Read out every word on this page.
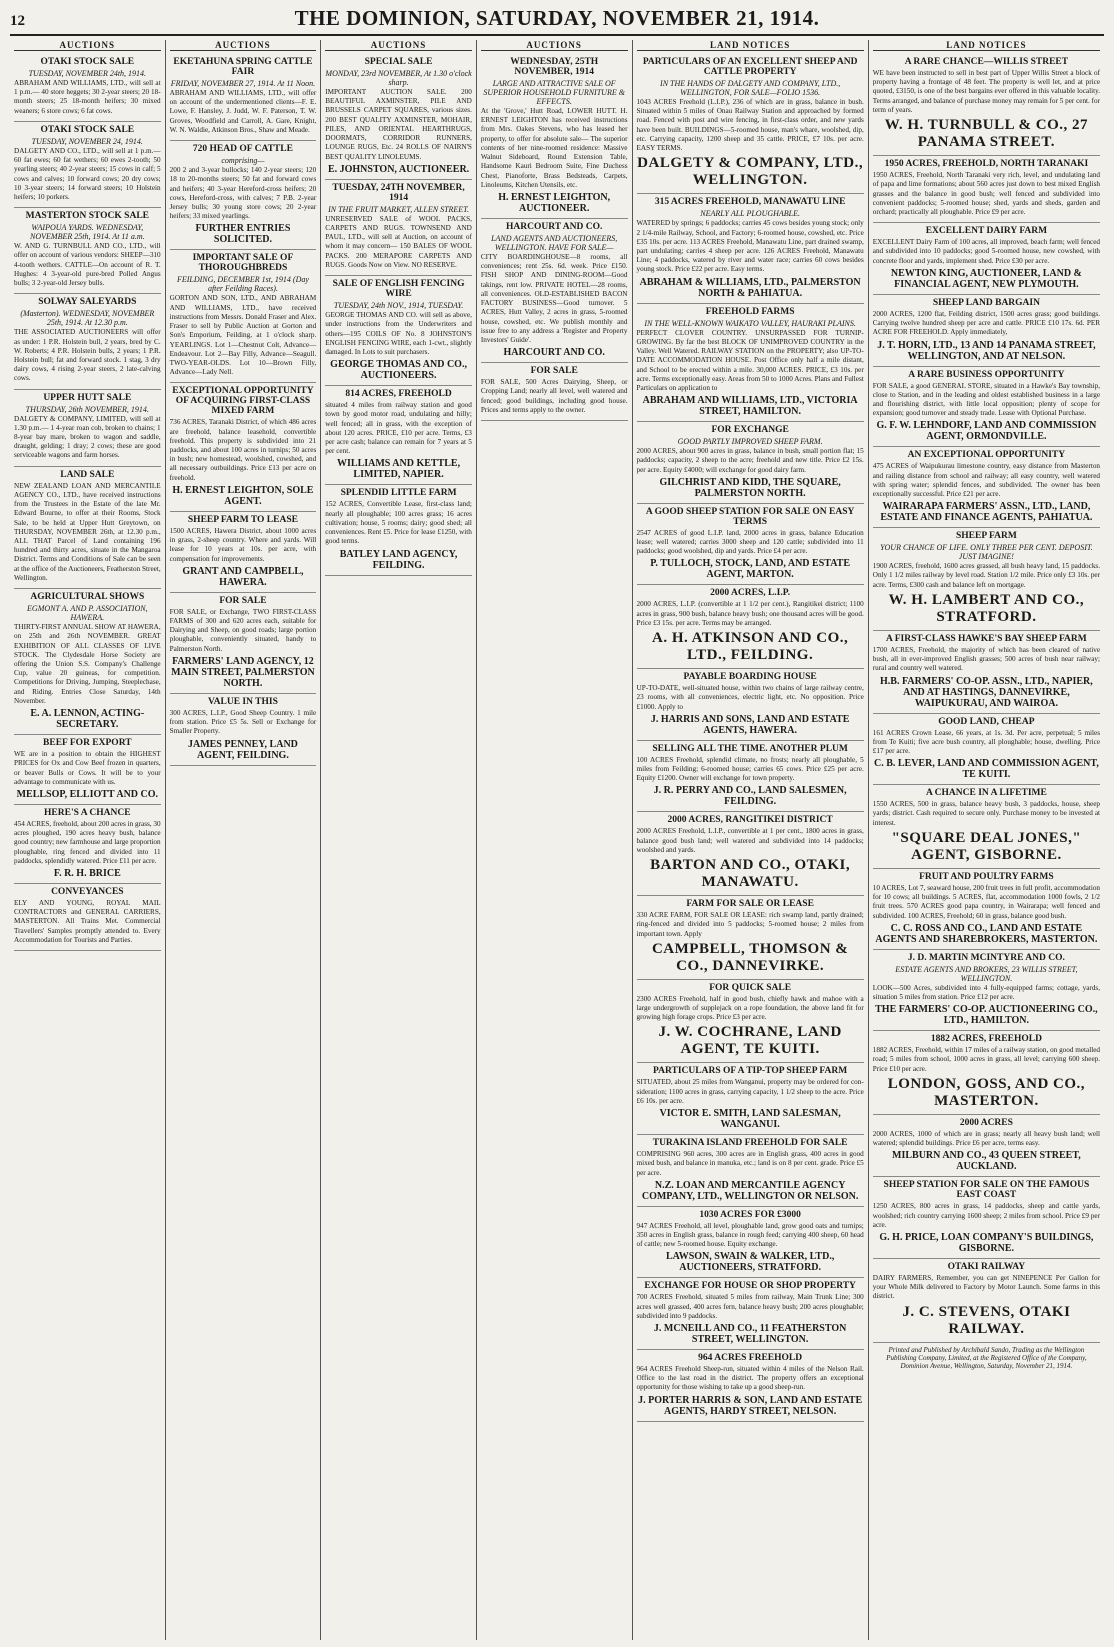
12	THE DOMINION, SATURDAY, NOVEMBER 21, 1914.
AUCTIONS
OTAKI STOCK SALE
TUESDAY, NOVEMBER 24th, 1914.

ABRAHAM AND WILLIAMS, LTD., will sell at 1 p.m.— 40 store heggets; 30 2-year steers; 20 18-month steers; 25 18-month heifers; 30 mixed weaners; 6 store cows; 6 fat cows.

OTAKI STOCK SALE
TUESDAY, NOVEMBER 24, 1914.

DALGETY AND CO., LTD., will sell at 1 p.m.— 60 fat ewes; 60 fat wethers; 60 ewes 2-tooth; 50 yearling steers; 40 2-year steers; 15 cows in calf; 5 cows and calves; 10 forward cows; 20 dry cows; 10 3-year steers; 14 forward steers; 10 Holstein heifers; 10 porkers.

MASTERTON STOCK SALE
WAIPOUA YARDS. WEDNESDAY, NOVEMBER 25th, 1914. At 11 a.m.

W. AND G. TURNBULL AND CO., LTD., will offer on account of various vendors: SHEEP—310 4-tooth wethers. CATTLE—On account of R. T. Hughes: 4 3-year-old pure-bred Polled Angus bulls; 3 2-year-old Jersey bulls.

SOLWAY SALEYARDS
(Masterton). WEDNESDAY, NOVEMBER 25th, 1914. At 12.30 p.m.

THE ASSOCIATED AUCTIONEERS will offer as under: 1 P.R. Holstein bull, 2 years, bred by C. W. Roberts; 4 P.R. Holstein bulls, 2 years; 1 P.R. Holstein bull; fat and forward stock. 1 stag, 3 dry dairy cows, 4 rising 2-year steers, 2 late-calving cows.

UPPER HUTT SALE
THURSDAY, 26th NOVEMBER, 1914.

DALGETY & COMPANY, LIMITED, will sell at 1.30 p.m.— 1 4-year roan cob, broken to chains; 1 8-year bay mare, broken to wagon and saddle, draught, gelding; 1 dray; 2 cows; these are good serviceable wagons and farm horses.

LAND SALE

NEW ZEALAND LOAN AND MERCANTILE AGENCY CO., LTD., have received instructions from the Trustees in the Estate of the late Mr. Edward Bourne, to offer at their Rooms, Stock Sale, to be held at Upper Hutt Greytown, on THURSDAY, NOVEMBER 26th, at 12.30 p.m., ALL THAT Parcel of Land containing 196 hundred and thirty acres, situate in the Mangaroa District. Terms and Conditions of Sale can be seen at the office of the Auctioneers, Featherston Street, Wellington.

AGRICULTURAL SHOWS
EGMONT A. AND P. ASSOCIATION, HAWERA.

THIRTY-FIRST ANNUAL SHOW AT HAWERA, on 25th and 26th NOVEMBER. GREAT EXHIBITION OF ALL CLASSES OF LIVE STOCK. The Clydesdale Horse Society are offering the Union S.S. Company's Challenge Cup, value 20 guineas, for competition. Competitions for Driving, Jumping, Steeplechase, and Riding. Entries Close Saturday, 14th November.

E. A. LENNON, ACTING-SECRETARY.
BEEF FOR EXPORT

WE are in a position to obtain the HIGHEST PRICES for Ox and Cow Beef frozen in quarters, or beaver Bulls or Cows. It will be to your advantage to communicate with us.

MELLSOP, ELLIOTT AND CO.
HERE'S A CHANCE

454 ACRES, freehold, about 200 acres in grass, 30 acres ploughed, 190 acres heavy bush, balance good country; new farmhouse and large proportion ploughable, ring fenced and divided into 11 paddocks, splendidly watered. Price £11 per acre.

F. R. H. BRICE
CONVEYANCES

ELY AND YOUNG, ROYAL MAIL CONTRACTORS and GENERAL CARRIERS, MASTERTON. All Trains Met. Commercial Travellers' Samples promptly attended to. Every Accommodation for Tourists and Parties.

AUCTIONS
EKETAHUNA SPRING CATTLE FAIR
FRIDAY, NOVEMBER 27, 1914. At 11 Noon.

ABRAHAM AND WILLIAMS, LTD., will offer on account of the undermentioned clients—F. E. Lowe, F. Hansley, J. Judd, W. F. Paterson, T. W. Groves, Woodfield and Carroll, A. Gare, Knight, W. N. Waldie, Atkinson Bros., Shaw and Meade.

720 HEAD OF CATTLE
comprising—

200 2 and 3-year bullocks; 140 2-year steers; 120 18 to 20-months steers; 50 fat and forward cows and heifers; 40 3-year Hereford-cross heifers; 20 cows, Hereford-cross, with calves; 7 P.B. 2-year Jersey bulls; 30 young store cows; 20 2-year heifers; 33 mixed yearlings.

FURTHER ENTRIES SOLICITED.
IMPORTANT SALE OF THOROUGHBREDS
FEILDING, DECEMBER 1st, 1914 (Day after Feilding Races).

GORTON AND SON, LTD., AND ABRAHAM AND WILLIAMS, LTD., have received instructions from Messrs. Donald Fraser and Alex. Fraser to sell by Public Auction at Gorton and Son's Emporium, Feilding, at 1 o'clock sharp. YEARLINGS. Lot 1—Chestnut Colt, Advance—Endeavour. Lot 2—Bay Filly, Advance—Seagull. TWO-YEAR-OLDS. Lot 10—Brown Filly, Advance—Lady Nell.

EXCEPTIONAL OPPORTUNITY OF ACQUIRING FIRST-CLASS MIXED FARM

736 ACRES, Taranaki District, of which 486 acres are freehold, balance leasehold, convertible freehold. This property is subdivided into 21 paddocks, and about 100 acres in turnips; 50 acres in bush; new homestead, woolshed, cowshed, and all necessary outbuildings. Price £13 per acre on freehold.

H. ERNEST LEIGHTON, SOLE AGENT.
SHEEP FARM TO LEASE

1500 ACRES, Hawera District, about 1000 acres in grass, 2-sheep country. Where and yards. Will lease for 10 years at 10s. per acre, with compensation for improvements.

GRANT AND CAMPBELL, HAWERA.
FOR SALE

FOR SALE, or Exchange, TWO FIRST-CLASS FARMS of 300 and 620 acres each, suitable for Dairying and Sheep, on good roads; large portion ploughable, conveniently situated, handy to Palmerston North.

FARMERS' LAND AGENCY, 12 MAIN STREET, PALMERSTON NORTH.
VALUE IN THIS

300 ACRES, L.I.P., Good Sheep Country. 1 mile from station. Price £5 5s. Sell or Exchange for Smaller Property.

JAMES PENNEY, LAND AGENT, FEILDING.
AUCTIONS
SPECIAL SALE
MONDAY, 23rd NOVEMBER, At 1.30 o'clock sharp.

IMPORTANT AUCTION SALE. 200 BEAUTIFUL AXMINSTER, PILE AND BRUSSELS CARPET SQUARES, various sizes. 200 BEST QUALITY AXMINSTER, MOHAIR, PILES, AND ORIENTAL HEARTHRUGS, DOORMATS, CORRIDOR RUNNERS, LOUNGE RUGS, Etc. 24 ROLLS OF NAIRN'S BEST QUALITY LINOLEUMS.

E. JOHNSTON, AUCTIONEER.
TUESDAY, 24TH NOVEMBER, 1914
IN THE FRUIT MARKET, ALLEN STREET.

UNRESERVED SALE of WOOL PACKS, CARPETS AND RUGS. TOWNSEND AND PAUL, LTD., will sell at Auction, on account of whom it may concern— 150 BALES OF WOOL PACKS. 200 MERAPORE CARPETS AND RUGS. Goods Now on View. NO RESERVE.

SALE OF ENGLISH FENCING WIRE
TUESDAY, 24th NOV., 1914, TUESDAY.

GEORGE THOMAS AND CO. will sell as above, under instructions from the Underwriters and others—195 COILS OF No. 8 JOHNSTON'S ENGLISH FENCING WIRE, each 1-cwt., slightly damaged. In Lots to suit purchasers.

GEORGE THOMAS AND CO., AUCTIONEERS.
814 ACRES, FREEHOLD

situated 4 miles from railway station and good town by good motor road, undulating and hilly; well fenced; all in grass, with the exception of about 120 acres. PRICE, £10 per acre. Terms, £3 per acre cash; balance can remain for 7 years at 5 per cent.

WILLIAMS AND KETTLE, LIMITED, NAPIER.
SPLENDID LITTLE FARM

152 ACRES, Convertible Lease, first-class land; nearly all ploughable; 100 acres grass; 16 acres cultivation; house, 5 rooms; dairy; good shed; all conveniences. Rent £5. Price for lease £1250, with good terms.

BATLEY LAND AGENCY, FEILDING.
AUCTIONS
WEDNESDAY, 25TH NOVEMBER, 1914
LARGE AND ATTRACTIVE SALE OF SUPERIOR HOUSEHOLD FURNITURE & EFFECTS.

At the 'Grove,' Hutt Road, LOWER HUTT. H. ERNEST LEIGHTON has received instructions from Mrs. Oakes Stevens, who has leased her property, to offer for absolute sale— The superior contents of her nine-roomed residence: Massive Walnut Sideboard, Round Extension Table, Handsome Kauri Bedroom Suite, Fine Duchess Chest, Pianoforte, Brass Bedsteads, Carpets, Linoleums, Kitchen Utensils, etc.

H. ERNEST LEIGHTON, AUCTIONEER.
HARCOURT AND CO.
LAND AGENTS AND AUCTIONEERS, WELLINGTON. HAVE FOR SALE—

CITY BOARDINGHOUSE—8 rooms, all conveniences; rent 25s. 6d. week. Price £150. FISH SHOP AND DINING-ROOM—Good takings, rent low. PRIVATE HOTEL—28 rooms, all conveniences. OLD-ESTABLISHED BACON FACTORY BUSINESS—Good turnover. 5 ACRES, Hutt Valley, 2 acres in grass, 5-roomed house, cowshed, etc. We publish monthly and issue free to any address a 'Register and Property Investors' Guide'.

HARCOURT AND CO.
FOR SALE

FOR SALE, 500 Acres Dairying, Sheep, or Cropping Land; nearly all level, well watered and fenced; good buildings, including good house. Prices and terms apply to the owner.

LAND NOTICES
PARTICULARS OF AN EXCELLENT SHEEP AND CATTLE PROPERTY
IN THE HANDS OF DALGETY AND COMPANY, LTD., WELLINGTON, FOR SALE—FOLIO 1536.

1043 ACRES Freehold (L.I.P.), 236 of which are in grass, balance in bush. Situated within 5 miles of Onau Railway Station and approached by formed road. Fenced with post and wire fencing, in first-class order, and new yards have been built. BUILDINGS—5-roomed house, man's whare, woolshed, dip, etc. Carrying capacity, 1200 sheep and 35 cattle. PRICE, £7 10s. per acre. EASY TERMS.

DALGETY & COMPANY, LTD., WELLINGTON.
315 ACRES FREEHOLD, MANAWATU LINE
NEARLY ALL PLOUGHABLE.

WATERED by springs; 6 paddocks; carries 45 cows besides young stock; only 2 1/4-mile Railway, School, and Factory; 6-roomed house, cowshed, etc. Price £35 10s. per acre. 113 ACRES Freehold, Manawatu Line, part drained swamp, part undulating; carries 4 sheep per acre. 126 ACRES Freehold, Manawatu Line; 4 paddocks, watered by river and water race; carries 60 cows besides young stock. Price £22 per acre. Easy terms.

ABRAHAM & WILLIAMS, LTD., PALMERSTON NORTH & PAHIATUA.
FREEHOLD FARMS
IN THE WELL-KNOWN WAIKATO VALLEY, HAURAKI PLAINS.

PERFECT CLOVER COUNTRY. UNSURPASSED FOR TURNIP-GROWING. By far the best BLOCK OF UNIMPROVED COUNTRY in the Valley. Well Watered. RAILWAY STATION on the PROPERTY; also UP-TO-DATE ACCOMMODATION HOUSE. Post Office only half a mile distant, and School to be erected within a mile. 30,000 ACRES. PRICE, £3 10s. per acre. Terms exceptionally easy. Areas from 50 to 1000 Acres. Plans and Fullest Particulars on application to

ABRAHAM AND WILLIAMS, LTD., VICTORIA STREET, HAMILTON.
FOR EXCHANGE
GOOD PARTLY IMPROVED SHEEP FARM.

2000 ACRES, about 900 acres in grass, balance in bush, small portion flat; 15 paddocks; capacity, 2 sheep to the acre; freehold and new title. Price £2 15s. per acre. Equity £4000; will exchange for good dairy farm.

GILCHRIST AND KIDD, THE SQUARE, PALMERSTON NORTH.
A GOOD SHEEP STATION FOR SALE ON EASY TERMS

2547 ACRES of good L.I.P. land, 2000 acres in grass, balance Education lease; well watered; carries 3000 sheep and 120 cattle; subdivided into 11 paddocks; good woolshed, dip and yards. Price £4 per acre.

P. TULLOCH, STOCK, LAND, AND ESTATE AGENT, MARTON.
2000 ACRES, L.I.P.

2000 ACRES, L.I.P. (convertible at 1 1/2 per cent.), Rangitikei district; 1100 acres in grass, 900 bush, balance heavy bush; one thousand acres will be good. Price £3 15s. per acre. Terms may be arranged.

A. H. ATKINSON AND CO., LTD., FEILDING.
PAYABLE BOARDING HOUSE

UP-TO-DATE, well-situated house, within two chains of large railway centre, 23 rooms, with all conveniences, electric light, etc. No opposition. Price £1000. Apply to

J. HARRIS AND SONS, LAND AND ESTATE AGENTS, HAWERA.
SELLING ALL THE TIME. ANOTHER PLUM

100 ACRES Freehold, splendid climate, no frosts; nearly all ploughable, 5 miles from Feilding; 6-roomed house; carries 65 cows. Price £25 per acre. Equity £1200. Owner will exchange for town property.

J. R. PERRY AND CO., LAND SALESMEN, FEILDING.
2000 ACRES, RANGITIKEI DISTRICT

2000 ACRES Freehold, L.I.P., convertible at 1 per cent., 1800 acres in grass, balance good bush land; well watered and subdivided into 14 paddocks; woolshed and yards.

BARTON AND CO., OTAKI, MANAWATU.
FARM FOR SALE OR LEASE

330 ACRE FARM, FOR SALE OR LEASE: rich swamp land, partly drained; ring-fenced and divided into 5 paddocks; 5-roomed house; 2 miles from important town. Apply

CAMPBELL, THOMSON & CO., DANNEVIRKE.
FOR QUICK SALE

2300 ACRES Freehold, half in good bush, chiefly hawk and mahoe with a large undergrowth of supplejack on a rope foundation, the above land fit for growing high forage crops. Price £3 per acre.

J. W. COCHRANE, LAND AGENT, TE KUITI.
PARTICULARS OF A TIP-TOP SHEEP FARM

SITUATED, about 25 miles from Wanganui, property may be ordered for con-sideration; 1100 acres in grass, carrying capacity, 1 1/2 sheep to the acre. Price £6 10s. per acre.

VICTOR E. SMITH, LAND SALESMAN, WANGANUI.
TURAKINA ISLAND FREEHOLD FOR SALE

COMPRISING 960 acres, 300 acres are in English grass, 400 acres in good mixed bush, and balance in manuka, etc.; land is on 8 per cent. grade. Price £5 per acre.

N.Z. LOAN AND MERCANTILE AGENCY COMPANY, LTD., WELLINGTON OR NELSON.
1030 ACRES FOR £3000

947 ACRES Freehold, all level, ploughable land, grow good oats and turnips; 350 acres in English grass, balance in rough feed; carrying 400 sheep, 60 head of cattle; new 5-roomed house. Equity exchange.

LAWSON, SWAIN & WALKER, LTD., AUCTIONEERS, STRATFORD.
EXCHANGE FOR HOUSE OR SHOP PROPERTY

700 ACRES Freehold, situated 5 miles from railway, Main Trunk Line; 300 acres well grassed, 400 acres fern, balance heavy bush; 200 acres ploughable; subdivided into 9 paddocks.

J. MCNEILL AND CO., 11 FEATHERSTON STREET, WELLINGTON.
964 ACRES FREEHOLD

964 ACRES Freehold Sheep-run, situated within 4 miles of the Nelson Rail. Office to the last road in the district. The property offers an exceptional opportunity for those wishing to take up a good sheep-run.

J. PORTER HARRIS & SON, LAND AND ESTATE AGENTS, HARDY STREET, NELSON.
LAND NOTICES
A RARE CHANCE—WILLIS STREET

WE have been instructed to sell in best part of Upper Willis Street a block of property having a frontage of 48 feet. The property is well let, and at price quoted, £3150, is one of the best bargains ever offered in this valuable locality. Terms arranged, and balance of purchase money may remain for 5 per cent. for term of years.

W. H. TURNBULL & CO., 27 PANAMA STREET.
1950 ACRES, FREEHOLD, NORTH TARANAKI

1950 ACRES, Freehold, North Taranaki very rich, level, and undulating land of papa and lime formations; about 560 acres just down to best mixed English grasses and the balance in good bush; well fenced and subdivided into convenient paddocks; 5-roomed house; shed, yards and sheds, garden and orchard; practically all ploughable. Price £9 per acre.

EXCELLENT DAIRY FARM

EXCELLENT Dairy Farm of 100 acres, all improved, beach farm; well fenced and subdivided into 10 paddocks; good 5-roomed house, new cowshed, with concrete floor and yards, implement shed. Price £30 per acre.

NEWTON KING, AUCTIONEER, LAND & FINANCIAL AGENT, NEW PLYMOUTH.
SHEEP LAND BARGAIN

2000 ACRES, 1200 flat, Feilding district, 1500 acres grass; good buildings. Carrying twelve hundred sheep per acre and cattle. PRICE £10 17s. 6d. PER ACRE FOR FREEHOLD. Apply immediately,

J. T. HORN, LTD., 13 AND 14 PANAMA STREET, WELLINGTON, AND AT NELSON.
A RARE BUSINESS OPPORTUNITY

FOR SALE, a good GENERAL STORE, situated in a Hawke's Bay township, close to Station, and in the leading and oldest established business in a large and flourishing district, with little local opposition; plenty of scope for expansion; good turnover and steady trade. Lease with Optional Purchase.

G. F. W. LEHNDORF, LAND AND COMMISSION AGENT, ORMONDVILLE.
AN EXCEPTIONAL OPPORTUNITY

475 ACRES of Waipukurau limestone country, easy distance from Masterton and railing distance from school and railway; all easy country, well watered with spring water; splendid fences, and subdivided. The owner has been exceptionally successful. Price £21 per acre.

WAIRARAPA FARMERS' ASSN., LTD., LAND, ESTATE AND FINANCE AGENTS, PAHIATUA.
SHEEP FARM
YOUR CHANCE OF LIFE. ONLY THREE PER CENT. DEPOSIT. JUST IMAGINE!

1900 ACRES, freehold, 1600 acres grassed, all bush heavy land, 15 paddocks. Only 1 1/2 miles railway by level road. Station 1/2 mile. Price only £3 10s. per acre. Terms, £300 cash and balance left on mortgage.

W. H. LAMBERT AND CO., STRATFORD.
A FIRST-CLASS HAWKE'S BAY SHEEP FARM

1700 ACRES, Freehold, the majority of which has been cleared of native bush, all in ever-improved English grasses; 500 acres of bush near railway; rural and country well watered.

H.B. FARMERS' CO-OP. ASSN., LTD., NAPIER, AND AT HASTINGS, DANNEVIRKE, WAIPUKURAU, AND WAIROA.
GOOD LAND, CHEAP

161 ACRES Crown Lease, 66 years, at 1s. 3d. Per acre, perpetual; 5 miles from Te Kuiti; five acre bush country, all ploughable; house, dwelling. Price £17 per acre.

C. B. LEVER, LAND AND COMMISSION AGENT, TE KUITI.
A CHANCE IN A LIFETIME

1550 ACRES, 500 in grass, balance heavy bush, 3 paddocks, house, sheep yards; district. Cash required to secure only. Purchase money to be invested at interest.

"SQUARE DEAL JONES," AGENT, GISBORNE.
FRUIT AND POULTRY FARMS

10 ACRES, Lot 7, seaward house, 200 fruit trees in full profit, accommodation for 10 cows; all buildings. 5 ACRES, flat, accommodation 1000 fowls, 2 1/2 fruit trees. 570 ACRES good papa country, in Wairarapa; well fenced and subdivided. 100 ACRES, Freehold; 60 in grass, balance good bush.

C. C. ROSS AND CO., LAND AND ESTATE AGENTS AND SHAREBROKERS, MASTERTON.
J. D. MARTIN MCINTYRE AND CO.
ESTATE AGENTS AND BROKERS, 23 WILLIS STREET, WELLINGTON.

LOOK—500 Acres, subdivided into 4 fully-equipped farms; cottage, yards, situation 5 miles from station. Price £12 per acre.

THE FARMERS' CO-OP. AUCTIONEERING CO., LTD., HAMILTON.
1882 ACRES, FREEHOLD

1882 ACRES, Freehold, within 17 miles of a railway station, on good metalled road; 5 miles from school, 1000 acres in grass, all level; carrying 600 sheep. Price £10 per acre.

LONDON, GOSS, AND CO., MASTERTON.
2000 ACRES

2000 ACRES, 1000 of which are in grass; nearly all heavy bush land; well watered; splendid buildings. Price £6 per acre, terms easy.

MILBURN AND CO., 43 QUEEN STREET, AUCKLAND.
SHEEP STATION FOR SALE ON THE FAMOUS EAST COAST

1250 ACRES, 800 acres in grass, 14 paddocks, sheep and cattle yards, woolshed; rich country carrying 1600 sheep; 2 miles from school. Price £9 per acre.

G. H. PRICE, LOAN COMPANY'S BUILDINGS, GISBORNE.
OTAKI RAILWAY

DAIRY FARMERS, Remember, you can get NINEPENCE Per Gallon for your Whole Milk delivered to Factory by Motor Launch. Some farms in this district.

J. C. STEVENS, OTAKI RAILWAY.
Printed and Published by Archibald Sando, Trading as the Wellington Publishing Company, Limited, at the Registered Office of the Company, Dominion Avenue, Wellington, Saturday, November 21, 1914.
